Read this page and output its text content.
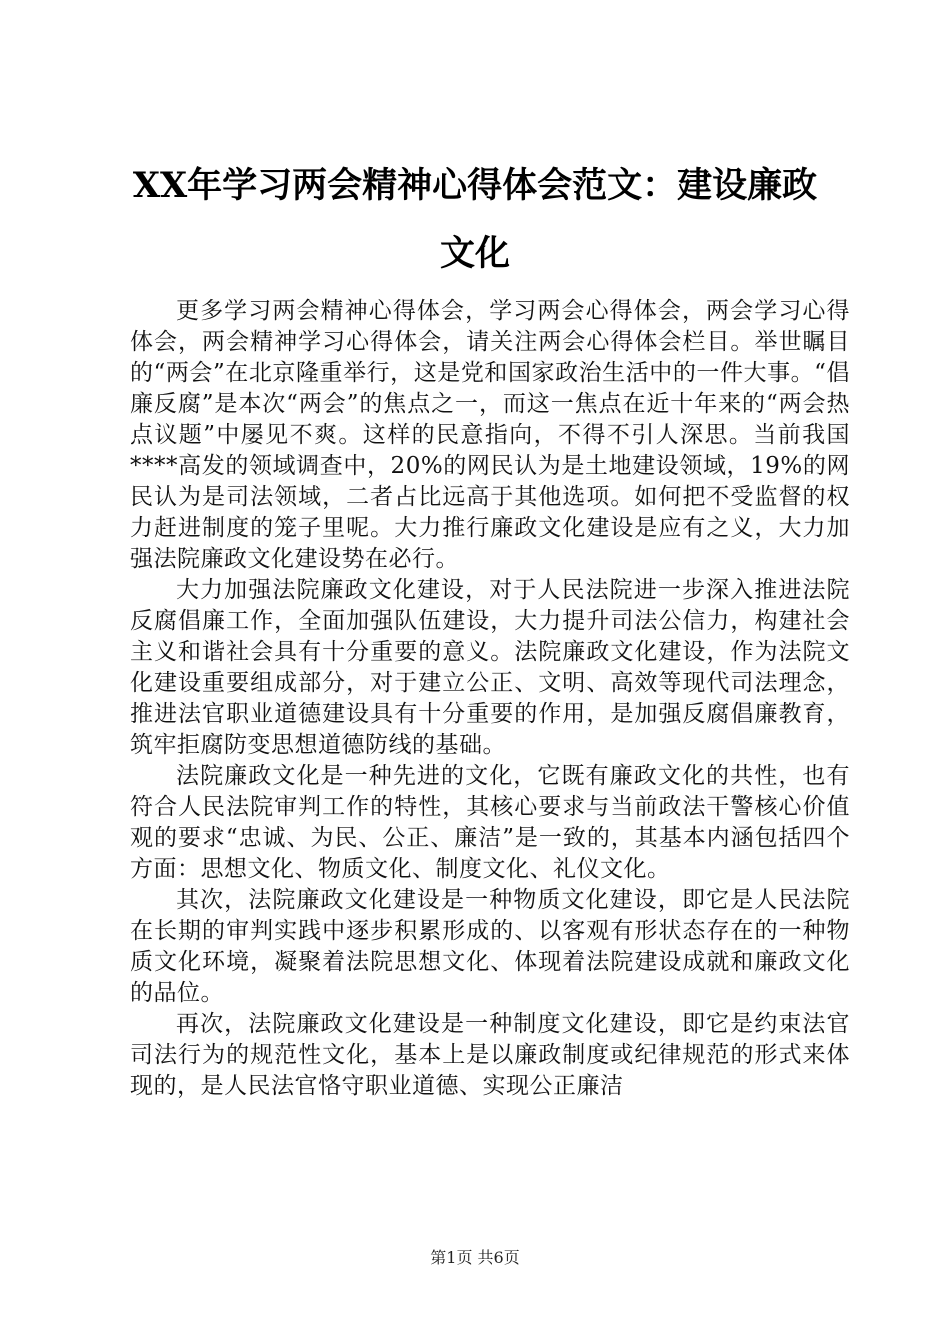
XX年学习两会精神心得体会范文：建设廉政
文化

更多学习两会精神心得体会，学习两会心得体会，两会学习心得体会，两会精神学习心得体会，请关注两会心得体会栏目。举世瞩目的“两会”在北京隆重举行，这是党和国家政治生活中的一件大事。“倡廉反腐”是本次“两会”的焦点之一，而这一焦点在近十年来的“两会热点议题”中屡见不爽。这样的民意指向，不得不引人深思。当前我国****高发的领域调查中，20%的网民认为是土地建设领域，19%的网民认为是司法领域，二者占比远高于其他选项。如何把不受监督的权力赶进制度的笼子里呢。大力推行廉政文化建设是应有之义，大力加强法院廉政文化建设势在必行。

大力加强法院廉政文化建设，对于人民法院进一步深入推进法院反腐倡廉工作，全面加强队伍建设，大力提升司法公信力，构建社会主义和谐社会具有十分重要的意义。法院廉政文化建设，作为法院文化建设重要组成部分，对于建立公正、文明、高效等现代司法理念，推进法官职业道德建设具有十分重要的作用，是加强反腐倡廉教育，筑牢拒腐防变思想道德防线的基础。

法院廉政文化是一种先进的文化，它既有廉政文化的共性，也有符合人民法院审判工作的特性，其核心要求与当前政法干警核心价值观的要求“忠诚、为民、公正、廉洁”是一致的，其基本内涵包括四个方面：思想文化、物质文化、制度文化、礼仪文化。

其次，法院廉政文化建设是一种物质文化建设，即它是人民法院在长期的审判实践中逐步积累形成的、以客观有形状态存在的一种物质文化环境，凝聚着法院思想文化、体现着法院建设成就和廉政文化的品位。

再次，法院廉政文化建设是一种制度文化建设，即它是约束法官司法行为的规范性文化，基本上是以廉政制度或纪律规范的形式来体现的，是人民法官恪守职业道德、实现公正廉洁

第1页 共6页
